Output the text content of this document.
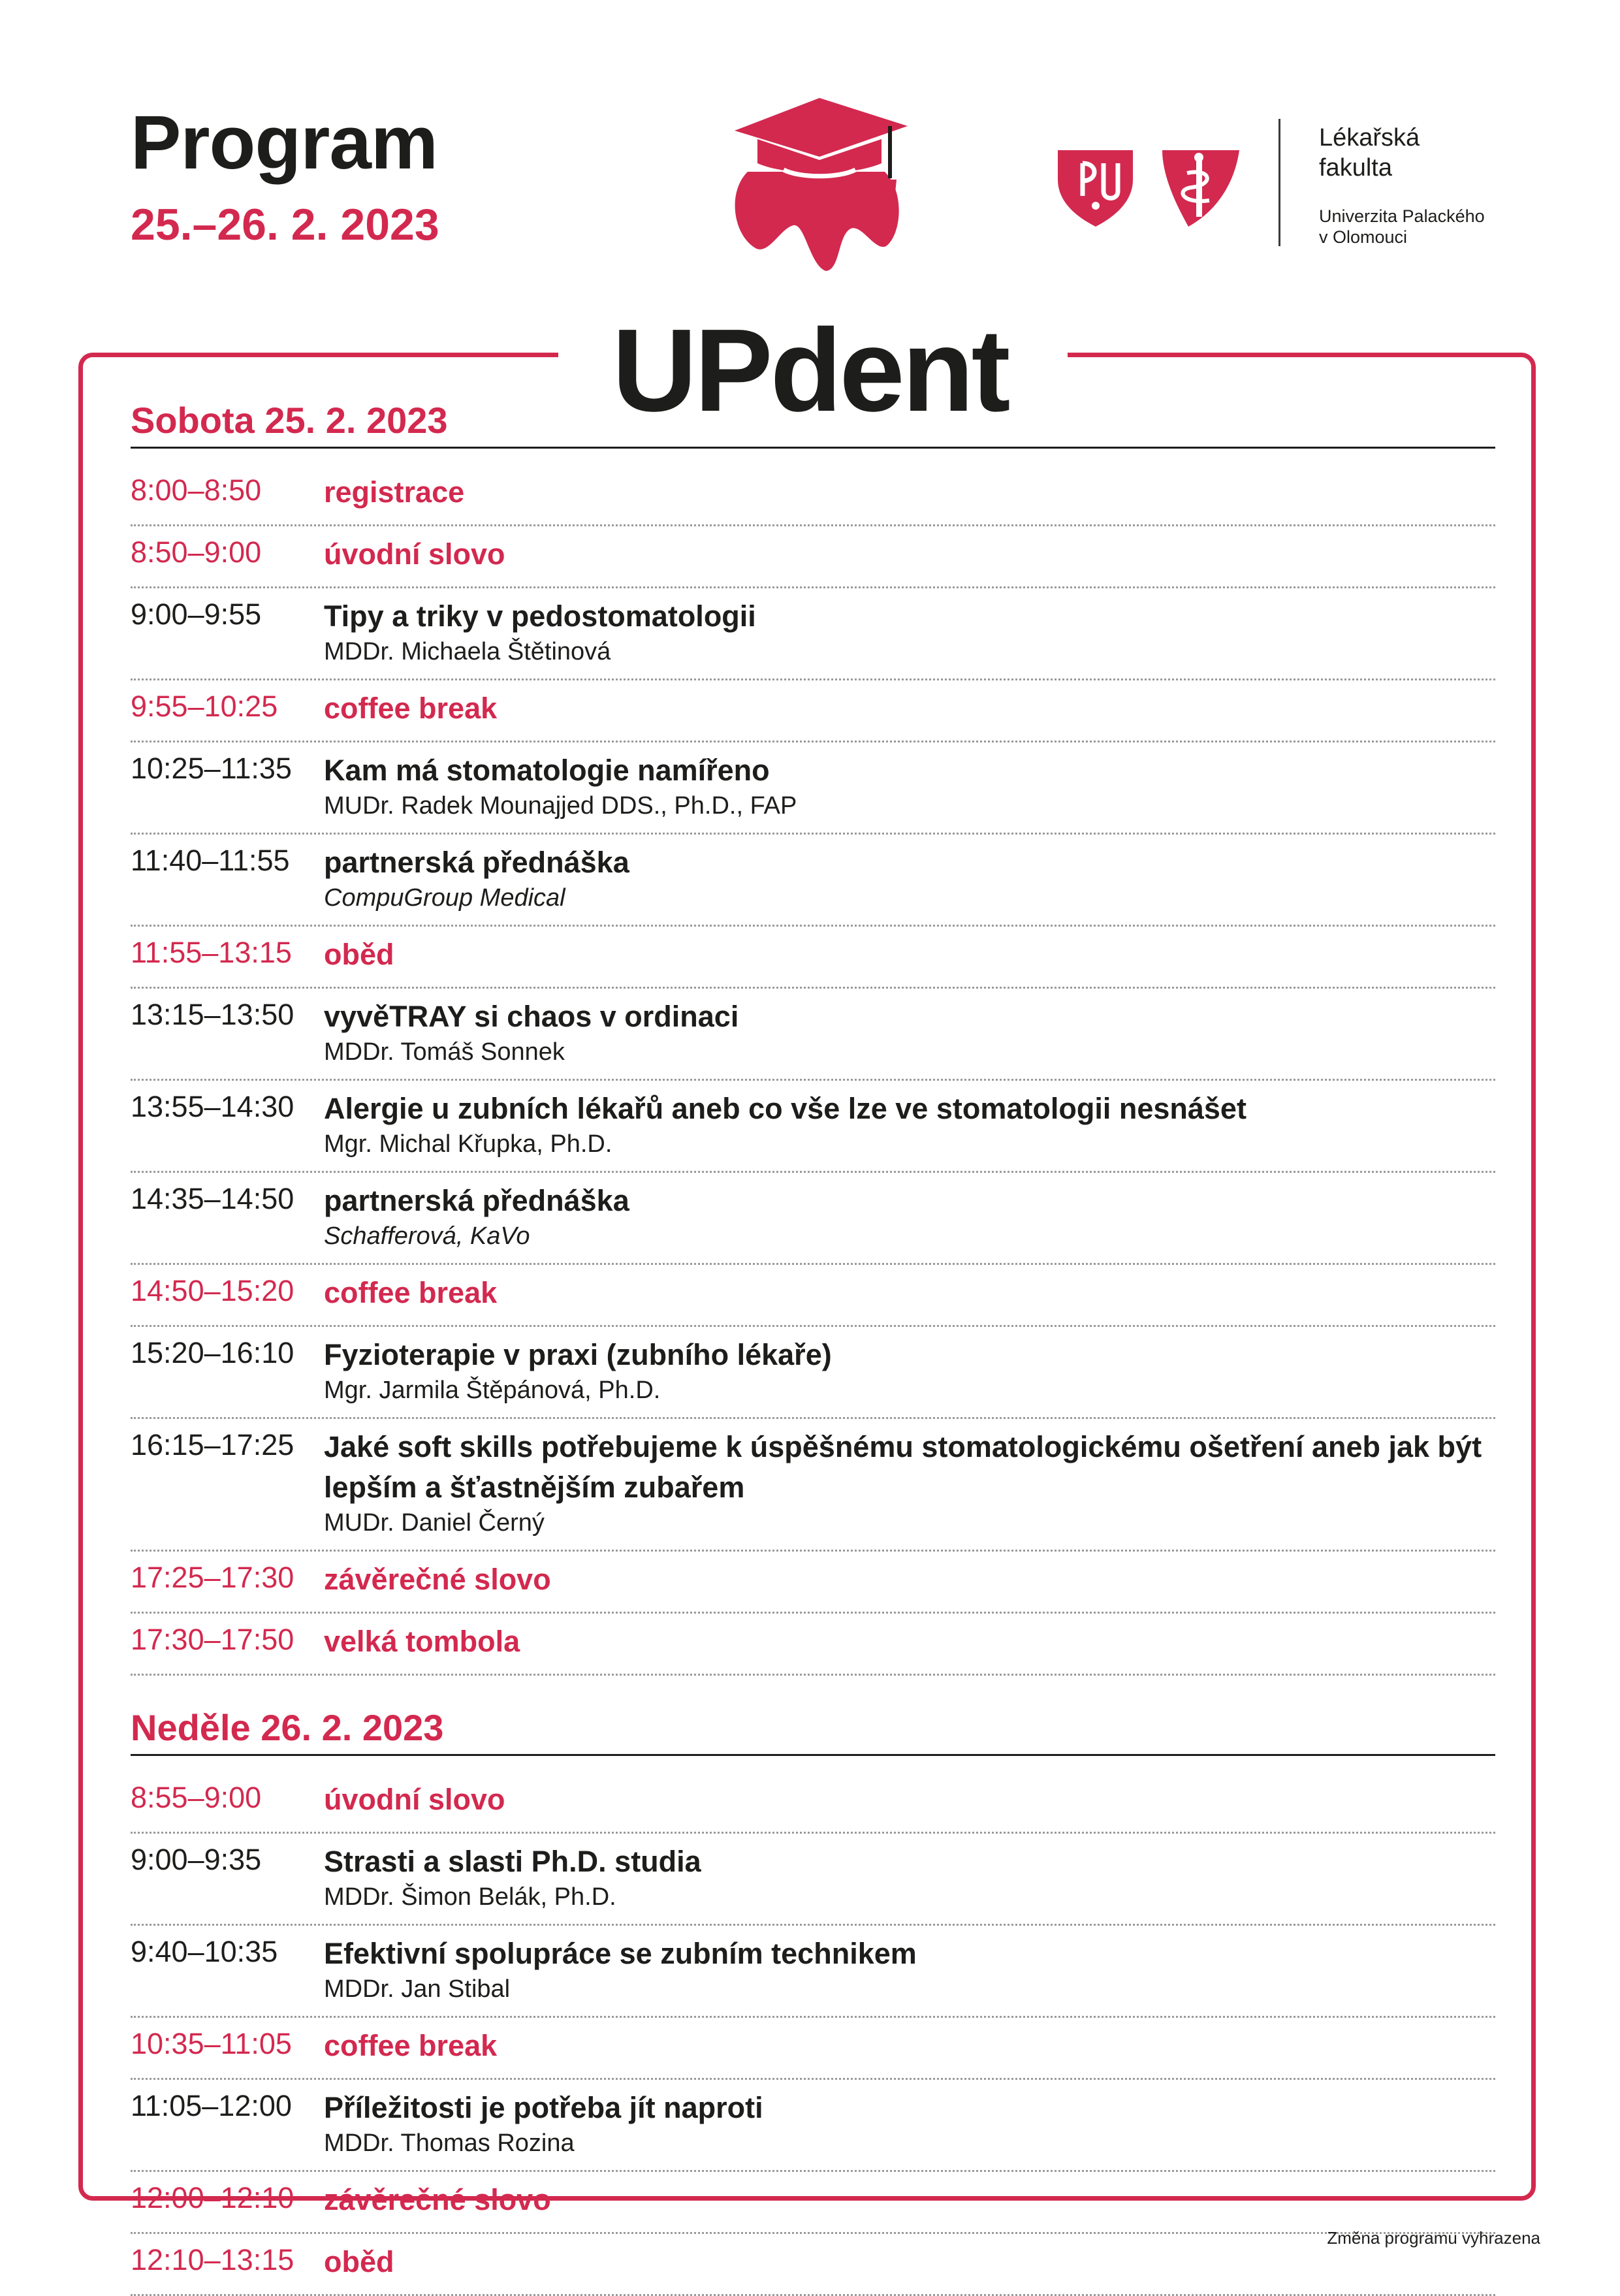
Program
25.–26. 2. 2023
Lékařská
fakulta
Univerzita Palackého
v Olomouci
UPdent
Sobota 25. 2. 2023
8:00–8:50	registrace
8:50–9:00	úvodní slovo
9:00–9:55	Tipy a triky v pedostomatologii
MDDr. Michaela Štětinová
9:55–10:25	coffee break
10:25–11:35	Kam má stomatologie namířeno
MUDr. Radek Mounajjed DDS., Ph.D., FAP
11:40–11:55	partnerská přednáška
CompuGroup Medical
11:55–13:15	oběd
13:15–13:50	vyvěTRAY si chaos v ordinaci
MDDr. Tomáš Sonnek
13:55–14:30	Alergie u zubních lékařů aneb co vše lze ve stomatologii nesnášet
Mgr. Michal Křupka, Ph.D.
14:35–14:50	partnerská přednáška
Schafferová, KaVo
14:50–15:20	coffee break
15:20–16:10	Fyzioterapie v praxi (zubního lékaře)
Mgr. Jarmila Štěpánová, Ph.D.
16:15–17:25	Jaké soft skills potřebujeme k úspěšnému stomatologickému ošetření aneb jak být lepším a šťastnějším zubařem
MUDr. Daniel Černý
17:25–17:30	závěrečné slovo
17:30–17:50	velká tombola
Neděle 26. 2. 2023
8:55–9:00	úvodní slovo
9:00–9:35	Strasti a slasti Ph.D. studia
MDDr. Šimon Belák, Ph.D.
9:40–10:35	Efektivní spolupráce se zubním technikem
MDDr. Jan Stibal
10:35–11:05	coffee break
11:05–12:00	Příležitosti je potřeba jít naproti
MDDr. Thomas Rozina
12:00–12:10	závěrečné slovo
12:10–13:15	oběd
Změna programu vyhrazena
